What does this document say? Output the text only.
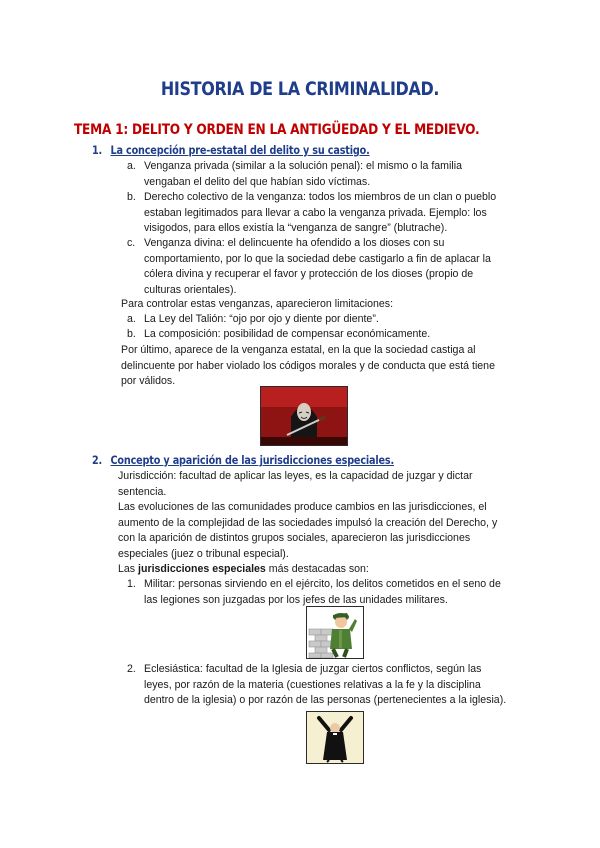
HISTORIA DE LA CRIMINALIDAD.
TEMA 1: DELITO Y ORDEN EN LA ANTIGÜEDAD Y EL MEDIEVO.
1. La concepción pre-estatal del delito y su castigo.
a. Venganza privada (similar a la solución penal): el mismo o la familia
vengaban el delito del que habían sido víctimas.
b. Derecho colectivo de la venganza: todos los miembros de un clan o pueblo
estaban legitimados para llevar a cabo la venganza privada. Ejemplo: los
visigodos, para ellos existía la “venganza de sangre” (blutrache).
c. Venganza divina: el delincuente ha ofendido a los dioses con su
comportamiento, por lo que la sociedad debe castigarlo a fin de aplacar la
cólera divina y recuperar el favor y protección de los dioses (propio de
culturas orientales).
Para controlar estas venganzas, aparecieron limitaciones:
a. La Ley del Talión: “ojo por ojo y diente por diente”.
b. La composición: posibilidad de compensar económicamente.
Por último, aparece de la venganza estatal, en la que la sociedad castiga al
delincuente por haber violado los códigos morales y de conducta que está tiene
por válidos.
2. Concepto y aparición de las jurisdicciones especiales.
Jurisdicción: facultad de aplicar las leyes, es la capacidad de juzgar y dictar
sentencia.
Las evoluciones de las comunidades produce cambios en las jurisdicciones, el
aumento de la complejidad de las sociedades impulsó la creación del Derecho, y
con la aparición de distintos grupos sociales, aparecieron las jurisdicciones
especiales (juez o tribunal especial).
Las jurisdicciones especiales más destacadas son:
1. Militar: personas sirviendo en el ejército, los delitos cometidos en el seno de
las legiones son juzgadas por los jefes de las unidades militares.
2. Eclesiástica: facultad de la Iglesia de juzgar ciertos conflictos, según las
leyes, por razón de la materia (cuestiones relativas a la fe y la disciplina
dentro de la iglesia) o por razón de las personas (pertenecientes a la iglesia).
